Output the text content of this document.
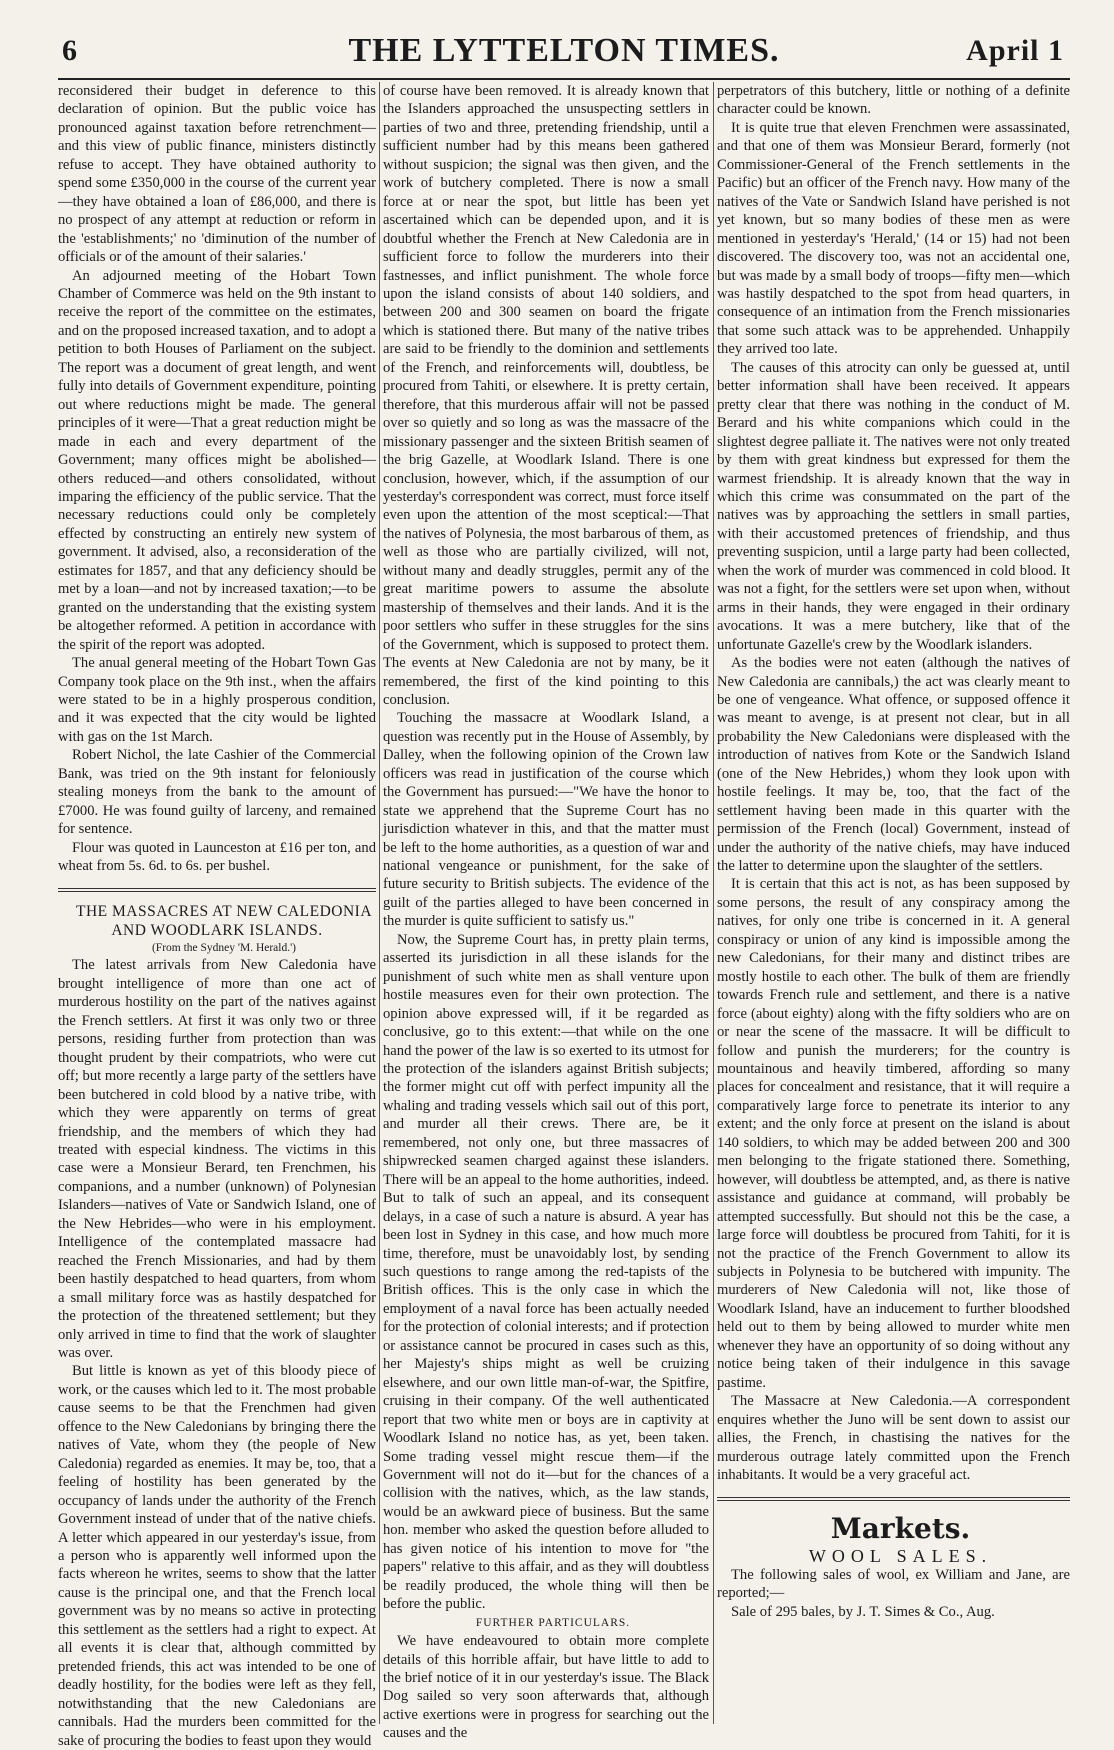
6	THE LYTTELTON TIMES.	April 1

reconsidered their budget in deference to this declaration of opinion. But the public voice has pronounced against taxation before retrenchment—and this view of public finance, ministers distinctly refuse to accept. They have obtained authority to spend some £350,000 in the course of the current year—they have obtained a loan of £86,000, and there is no prospect of any attempt at reduction or reform in the 'establishments;' no 'diminution of the number of officials or of the amount of their salaries.'

An adjourned meeting of the Hobart Town Chamber of Commerce was held on the 9th instant to receive the report of the committee on the estimates, and on the proposed increased taxation, and to adopt a petition to both Houses of Parliament on the subject. The report was a document of great length, and went fully into details of Government expenditure, pointing out where reductions might be made. The general principles of it were—That a great reduction might be made in each and every department of the Government; many offices might be abolished—others reduced—and others consolidated, without imparing the efficiency of the public service. That the necessary reductions could only be completely effected by constructing an entirely new system of government. It advised, also, a reconsideration of the estimates for 1857, and that any deficiency should be met by a loan—and not by increased taxation;—to be granted on the understanding that the existing system be altogether reformed. A petition in accordance with the spirit of the report was adopted.

The anual general meeting of the Hobart Town Gas Company took place on the 9th inst., when the affairs were stated to be in a highly prosperous condition, and it was expected that the city would be lighted with gas on the 1st March.

Robert Nichol, the late Cashier of the Commercial Bank, was tried on the 9th instant for feloniously stealing moneys from the bank to the amount of £7000. He was found guilty of larceny, and remained for sentence.

Flour was quoted in Launceston at £16 per ton, and wheat from 5s. 6d. to 6s. per bushel.

THE MASSACRES AT NEW CALEDONIA AND WOODLARK ISLANDS.

(From the Sydney 'M. Herald.')

The latest arrivals from New Caledonia have brought intelligence of more than one act of murderous hostility on the part of the natives against the French settlers. At first it was only two or three persons, residing further from protection than was thought prudent by their compatriots, who were cut off; but more recently a large party of the settlers have been butchered in cold blood by a native tribe, with which they were apparently on terms of great friendship, and the members of which they had treated with especial kindness. The victims in this case were a Monsieur Berard, ten Frenchmen, his companions, and a number (unknown) of Polynesian Islanders—natives of Vate or Sandwich Island, one of the New Hebrides—who were in his employment. Intelligence of the contemplated massacre had reached the French Missionaries, and had by them been hastily despatched to head quarters, from whom a small military force was as hastily despatched for the protection of the threatened settlement; but they only arrived in time to find that the work of slaughter was over.

But little is known as yet of this bloody piece of work, or the causes which led to it. The most probable cause seems to be that the Frenchmen had given offence to the New Caledonians by bringing there the natives of Vate, whom they (the people of New Caledonia) regarded as enemies. It may be, too, that a feeling of hostility has been generated by the occupancy of lands under the authority of the French Government instead of under that of the native chiefs. A letter which appeared in our yesterday's issue, from a person who is apparently well informed upon the facts whereon he writes, seems to show that the latter cause is the principal one, and that the French local government was by no means so active in protecting this settlement as the settlers had a right to expect. At all events it is clear that, although committed by pretended friends, this act was intended to be one of deadly hostility, for the bodies were left as they fell, notwithstanding that the new Caledonians are cannibals. Had the murders been committed for the sake of procuring the bodies to feast upon they would

of course have been removed. It is already known that the Islanders approached the unsuspecting settlers in parties of two and three, pretending friendship, until a sufficient number had by this means been gathered without suspicion; the signal was then given, and the work of butchery completed. There is now a small force at or near the spot, but little has been yet ascertained which can be depended upon, and it is doubtful whether the French at New Caledonia are in sufficient force to follow the murderers into their fastnesses, and inflict punishment. The whole force upon the island consists of about 140 soldiers, and between 200 and 300 seamen on board the frigate which is stationed there. But many of the native tribes are said to be friendly to the dominion and settlements of the French, and reinforcements will, doubtless, be procured from Tahiti, or elsewhere. It is pretty certain, therefore, that this murderous affair will not be passed over so quietly and so long as was the massacre of the missionary passenger and the sixteen British seamen of the brig Gazelle, at Woodlark Island. There is one conclusion, however, which, if the assumption of our yesterday's correspondent was correct, must force itself even upon the attention of the most sceptical:—That the natives of Polynesia, the most barbarous of them, as well as those who are partially civilized, will not, without many and deadly struggles, permit any of the great maritime powers to assume the absolute mastership of themselves and their lands. And it is the poor settlers who suffer in these struggles for the sins of the Government, which is supposed to protect them. The events at New Caledonia are not by many, be it remembered, the first of the kind pointing to this conclusion.

Touching the massacre at Woodlark Island, a question was recently put in the House of Assembly, by Dalley, when the following opinion of the Crown law officers was read in justification of the course which the Government has pursued:—"We have the honor to state we apprehend that the Supreme Court has no jurisdiction whatever in this, and that the matter must be left to the home authorities, as a question of war and national vengeance or punishment, for the sake of future security to British subjects. The evidence of the guilt of the parties alleged to have been concerned in the murder is quite sufficient to satisfy us."

Now, the Supreme Court has, in pretty plain terms, asserted its jurisdiction in all these islands for the punishment of such white men as shall venture upon hostile measures even for their own protection. The opinion above expressed will, if it be regarded as conclusive, go to this extent:—that while on the one hand the power of the law is so exerted to its utmost for the protection of the islanders against British subjects; the former might cut off with perfect impunity all the whaling and trading vessels which sail out of this port, and murder all their crews. There are, be it remembered, not only one, but three massacres of shipwrecked seamen charged against these islanders. There will be an appeal to the home authorities, indeed. But to talk of such an appeal, and its consequent delays, in a case of such a nature is absurd. A year has been lost in Sydney in this case, and how much more time, therefore, must be unavoidably lost, by sending such questions to range among the red-tapists of the British offices. This is the only case in which the employment of a naval force has been actually needed for the protection of colonial interests; and if protection or assistance cannot be procured in cases such as this, her Majesty's ships might as well be cruizing elsewhere, and our own little man-of-war, the Spitfire, cruising in their company. Of the well authenticated report that two white men or boys are in captivity at Woodlark Island no notice has, as yet, been taken. Some trading vessel might rescue them—if the Government will not do it—but for the chances of a collision with the natives, which, as the law stands, would be an awkward piece of business. But the same hon. member who asked the question before alluded to has given notice of his intention to move for "the papers" relative to this affair, and as they will doubtless be readily produced, the whole thing will then be before the public.

FURTHER PARTICULARS.

We have endeavoured to obtain more complete details of this horrible affair, but have little to add to the brief notice of it in our yesterday's issue. The Black Dog sailed so very soon afterwards that, although active exertions were in progress for searching out the causes and the

perpetrators of this butchery, little or nothing of a definite character could be known.

It is quite true that eleven Frenchmen were assassinated, and that one of them was Monsieur Berard, formerly (not Commissioner-General of the French settlements in the Pacific) but an officer of the French navy. How many of the natives of the Vate or Sandwich Island have perished is not yet known, but so many bodies of these men as were mentioned in yesterday's 'Herald,' (14 or 15) had not been discovered. The discovery too, was not an accidental one, but was made by a small body of troops—fifty men—which was hastily despatched to the spot from head quarters, in consequence of an intimation from the French missionaries that some such attack was to be apprehended. Unhappily they arrived too late.

The causes of this atrocity can only be guessed at, until better information shall have been received. It appears pretty clear that there was nothing in the conduct of M. Berard and his white companions which could in the slightest degree palliate it. The natives were not only treated by them with great kindness but expressed for them the warmest friendship. It is already known that the way in which this crime was consummated on the part of the natives was by approaching the settlers in small parties, with their accustomed pretences of friendship, and thus preventing suspicion, until a large party had been collected, when the work of murder was commenced in cold blood. It was not a fight, for the settlers were set upon when, without arms in their hands, they were engaged in their ordinary avocations. It was a mere butchery, like that of the unfortunate Gazelle's crew by the Woodlark islanders.

As the bodies were not eaten (although the natives of New Caledonia are cannibals,) the act was clearly meant to be one of vengeance. What offence, or supposed offence it was meant to avenge, is at present not clear, but in all probability the New Caledonians were displeased with the introduction of natives from Kote or the Sandwich Island (one of the New Hebrides,) whom they look upon with hostile feelings. It may be, too, that the fact of the settlement having been made in this quarter with the permission of the French (local) Government, instead of under the authority of the native chiefs, may have induced the latter to determine upon the slaughter of the settlers.

It is certain that this act is not, as has been supposed by some persons, the result of any conspiracy among the natives, for only one tribe is concerned in it. A general conspiracy or union of any kind is impossible among the new Caledonians, for their many and distinct tribes are mostly hostile to each other. The bulk of them are friendly towards French rule and settlement, and there is a native force (about eighty) along with the fifty soldiers who are on or near the scene of the massacre. It will be difficult to follow and punish the murderers; for the country is mountainous and heavily timbered, affording so many places for concealment and resistance, that it will require a comparatively large force to penetrate its interior to any extent; and the only force at present on the island is about 140 soldiers, to which may be added between 200 and 300 men belonging to the frigate stationed there. Something, however, will doubtless be attempted, and, as there is native assistance and guidance at command, will probably be attempted successfully. But should not this be the case, a large force will doubtless be procured from Tahiti, for it is not the practice of the French Government to allow its subjects in Polynesia to be butchered with impunity. The murderers of New Caledonia will not, like those of Woodlark Island, have an inducement to further bloodshed held out to them by being allowed to murder white men whenever they have an opportunity of so doing without any notice being taken of their indulgence in this savage pastime.

The Massacre at New Caledonia.—A correspondent enquires whether the Juno will be sent down to assist our allies, the French, in chastising the natives for the murderous outrage lately committed upon the French inhabitants. It would be a very graceful act.

Markets.

WOOL SALES.

The following sales of wool, ex William and Jane, are reported;—

Sale of 295 bales, by J. T. Simes & Co., Aug.
